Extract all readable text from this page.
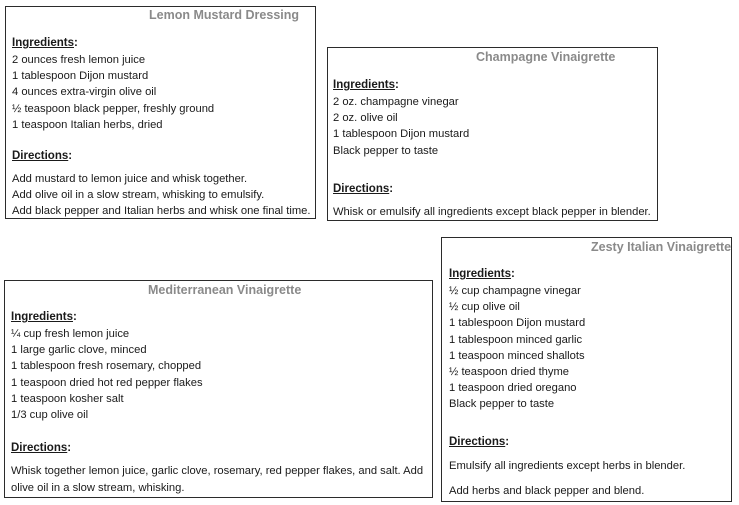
Lemon Mustard Dressing
Ingredients:
2 ounces fresh lemon juice
1 tablespoon Dijon mustard
4 ounces extra-virgin olive oil
½ teaspoon black pepper, freshly ground
1 teaspoon Italian herbs, dried
Directions:
Add mustard to lemon juice and whisk together.
Add olive oil in a slow stream, whisking to emulsify.
Add black pepper and Italian herbs and whisk one final time.
Champagne Vinaigrette
Ingredients:
2 oz. champagne vinegar
2 oz. olive oil
1 tablespoon Dijon mustard
Black pepper to taste
Directions:
Whisk or emulsify all ingredients except black pepper in blender.
Zesty Italian Vinaigrette
Ingredients:
½ cup champagne vinegar
½ cup olive oil
1 tablespoon Dijon mustard
1 tablespoon minced garlic
1 teaspoon minced shallots
½ teaspoon dried thyme
1 teaspoon dried oregano
Black pepper to taste
Directions:
Emulsify all ingredients except herbs in blender.
Add herbs and black pepper and blend.
Mediterranean Vinaigrette
Ingredients:
¼ cup fresh lemon juice
1 large garlic clove, minced
1 tablespoon fresh rosemary, chopped
1 teaspoon dried hot red pepper flakes
1 teaspoon kosher salt
1/3 cup olive oil
Directions:
Whisk together lemon juice, garlic clove, rosemary, red pepper flakes, and salt. Add olive oil in a slow stream, whisking.
